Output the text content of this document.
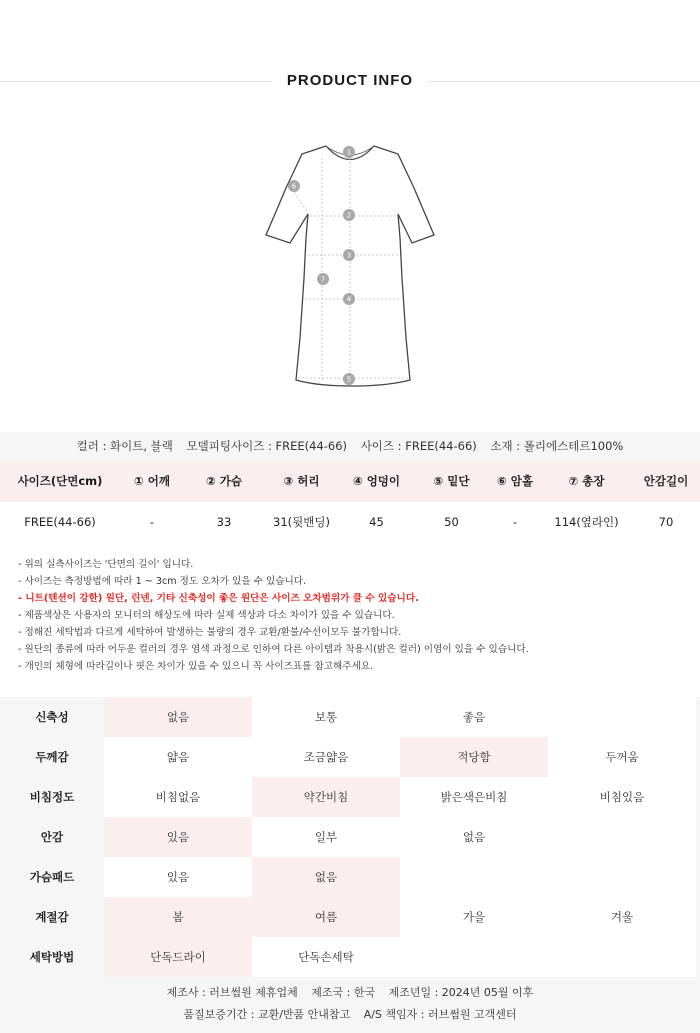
PRODUCT INFO
1
2
3
4
5
6
7
컬러 : 화이트, 블랙 모델피팅사이즈 : FREE(44-66) 사이즈 : FREE(44-66) 소재 : 폴리에스테르100%
사이즈(단면cm)	① 어깨	② 가슴	③ 허리	④ 엉덩이	⑤ 밑단	⑥ 암홀	⑦ 총장	안감길이
FREE(44-66)	-	33	31(뒷밴딩)	45	50	-	114(옆라인)	70
- 위의 실측사이즈는 '단면의 길이' 입니다.
- 사이즈는 측정방법에 따라 1 ~ 3cm 정도 오차가 있을 수 있습니다.
- 니트(텐션이 강한) 원단, 린넨, 기타 신축성이 좋은 원단은 사이즈 오차범위가 클 수 있습니다.
- 제품색상은 사용자의 모니터의 해상도에 따라 실제 색상과 다소 차이가 있을 수 있습니다.
- 정해진 세탁법과 다르게 세탁하여 발생하는 불량의 경우 교환/환불/수선이모두 불가합니다.
- 원단의 종류에 따라 어두운 컬러의 경우 염색 과정으로 인하여 다른 아이템과 착용시(밝은 컬러) 이염이 있을 수 있습니다.
- 개인의 체형에 따라길이나 핏은 차이가 있을 수 있으니 꼭 사이즈표를 참고해주세요.
신축성	없음	보통	좋음
두께감	얇음	조금얇음	적당함	두꺼움
비침정도	비침없음	약간비침	밝은색은비침	비침있음
안감	있음	일부	없음
가슴패드	있음	없음
계절감	봄	여름	가을	겨울
세탁방법	단독드라이	단독손세탁
제조사 : 러브썸원 제휴업체 제조국 : 한국 제조년일 : 2024년 05월 이후
품질보증기간 : 교환/반품 안내참고 A/S 책임자 : 러브썸원 고객센터
